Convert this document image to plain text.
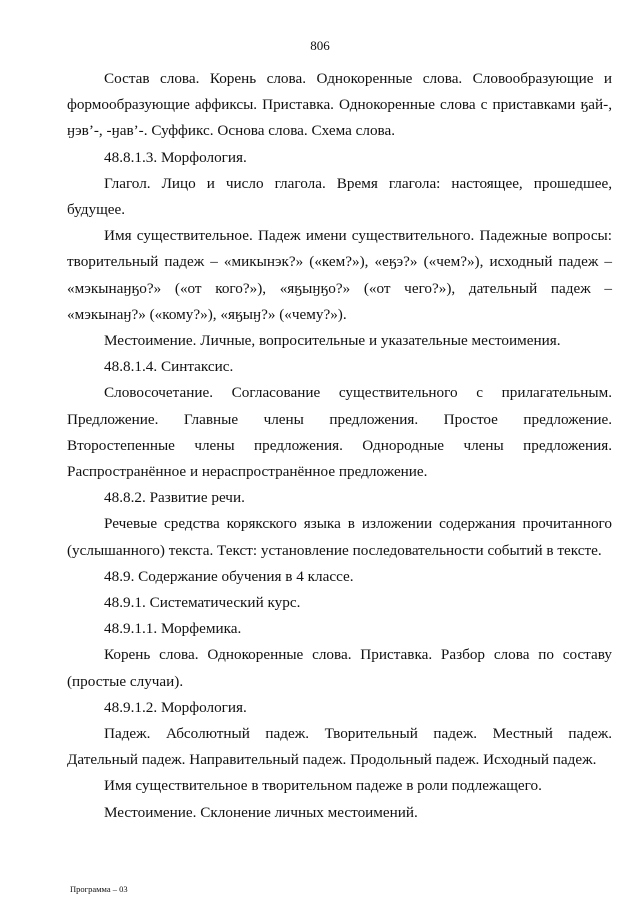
806

Состав слова. Корень слова. Однокоренные слова. Словообразующие и формообразующие аффиксы. Приставка. Однокоренные слова с приставками ӄай-, ӈэв’-, -ӈав’-. Суффикс. Основа слова. Схема слова.

48.8.1.3. Морфология.

Глагол. Лицо и число глагола. Время глагола: настоящее, прошедшее, будущее.

Имя существительное. Падеж имени существительного. Падежные вопросы: творительный падеж – «микынэк?» («кем?»), «еӄэ?» («чем?»), исходный падеж – «мэкынаӈӄо?» («от кого?»), «яӄыӈӄо?» («от чего?»), дательный падеж – «мэкынаӈ?» («кому?»), «яӄыӈ?» («чему?»).

Местоимение. Личные, вопросительные и указательные местоимения.

48.8.1.4. Синтаксис.

Словосочетание. Согласование существительного с прилагательным. Предложение. Главные члены предложения. Простое предложение. Второстепенные члены предложения. Однородные члены предложения. Распространённое и нераспространённое предложение.

48.8.2. Развитие речи.

Речевые средства корякского языка в изложении содержания прочитанного (услышанного) текста. Текст: установление последовательности событий в тексте.

48.9. Содержание обучения в 4 классе.

48.9.1. Систематический курс.

48.9.1.1. Морфемика.

Корень слова. Однокоренные слова. Приставка. Разбор слова по составу (простые случаи).

48.9.1.2. Морфология.

Падеж. Абсолютный падеж. Творительный падеж. Местный падеж. Дательный падеж. Направительный падеж. Продольный падеж. Исходный падеж.

Имя существительное в творительном падеже в роли подлежащего.

Местоимение. Склонение личных местоимений.

Программа – 03
